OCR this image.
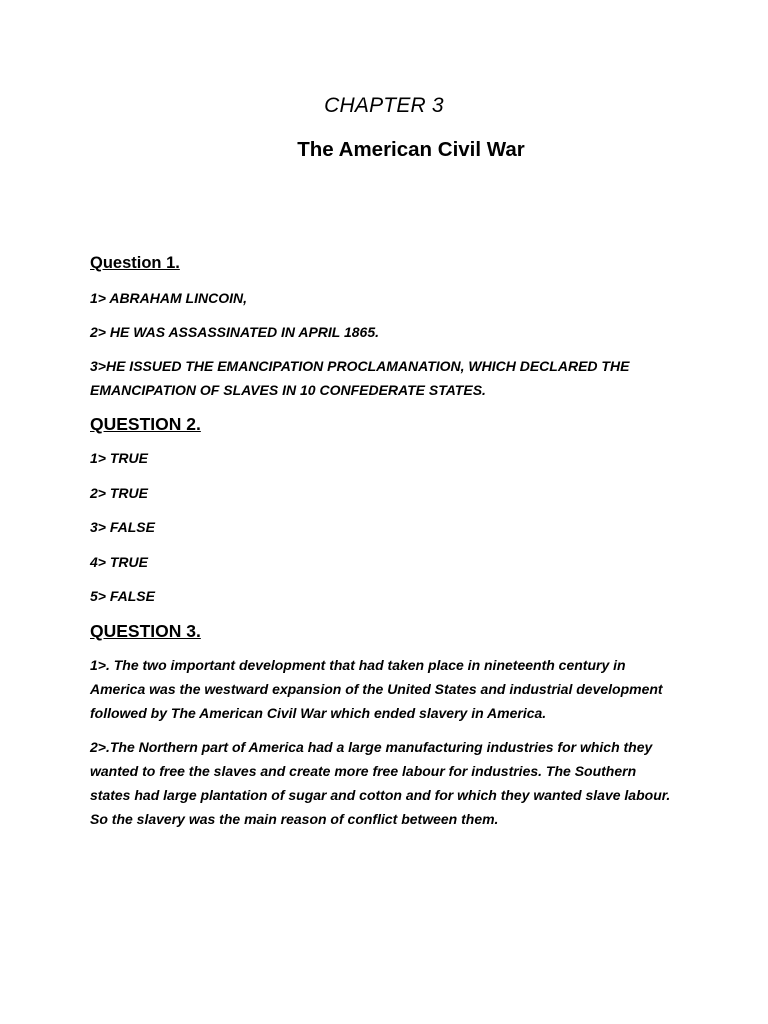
CHAPTER 3
The American Civil War
Question 1.
1> ABRAHAM LINCOIN,
2> HE WAS ASSASSINATED IN APRIL 1865.
3>HE ISSUED THE EMANCIPATION PROCLAMANATION, WHICH DECLARED THE EMANCIPATION OF SLAVES IN 10 CONFEDERATE STATES.
QUESTION 2.
1> TRUE
2> TRUE
3> FALSE
4> TRUE
5> FALSE
QUESTION 3.
1>. The two important development that had taken place in nineteenth century in America was the westward expansion of the United States and industrial development followed by The American Civil War which ended slavery in America.
2>.The Northern part of America had a large manufacturing industries for which they wanted to free the slaves and create more free labour for industries. The Southern states had large plantation of sugar and cotton and for which they wanted slave labour. So the slavery was the main reason of conflict between them.
